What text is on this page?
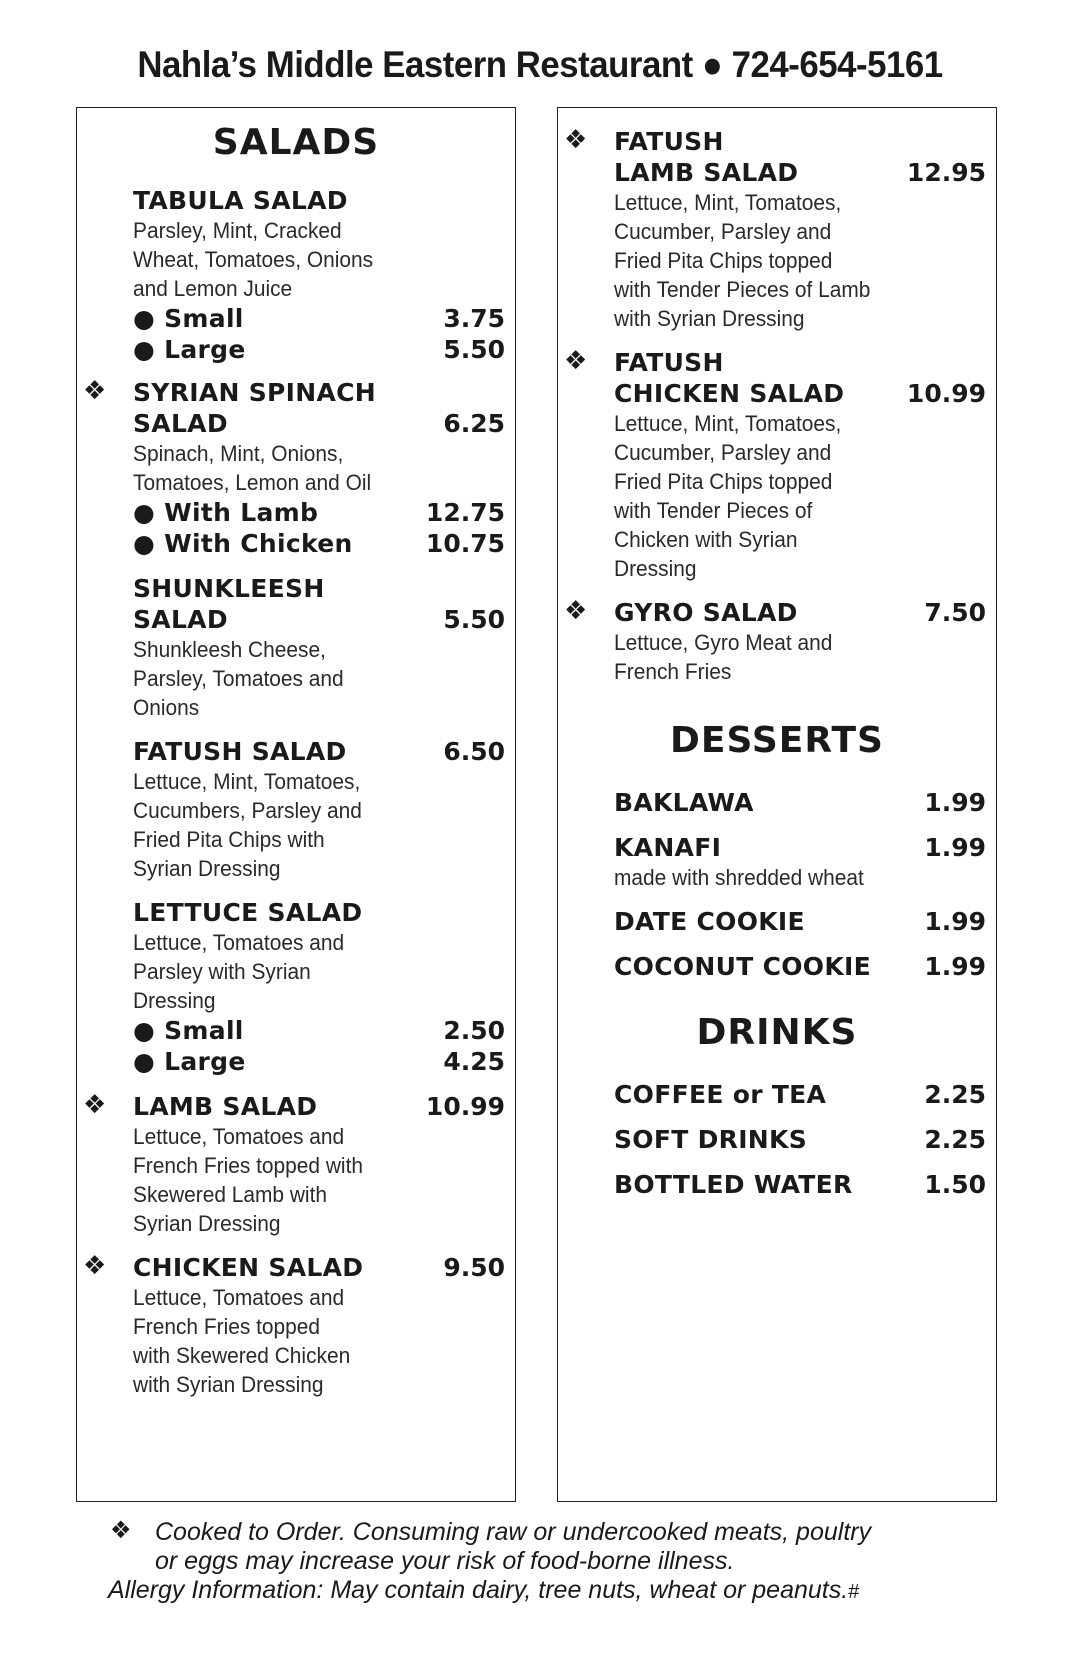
Nahla’s Middle Eastern Restaurant ● 724-654-5161
SALADS
TABULA SALAD
Parsley, Mint, Cracked
Wheat, Tomatoes, Onions
and Lemon Juice
● Small	3.75
● Large	5.50
❖ SYRIAN SPINACH
SALAD	6.25
Spinach, Mint, Onions,
Tomatoes, Lemon and Oil
● With Lamb	12.75
● With Chicken	10.75
SHUNKLEESH
SALAD	5.50
Shunkleesh Cheese,
Parsley, Tomatoes and
Onions
FATUSH SALAD	6.50
Lettuce, Mint, Tomatoes,
Cucumbers, Parsley and
Fried Pita Chips with
Syrian Dressing
LETTUCE SALAD
Lettuce, Tomatoes and
Parsley with Syrian
Dressing
● Small	2.50
● Large	4.25
❖ LAMB SALAD	10.99
Lettuce, Tomatoes and
French Fries topped with
Skewered Lamb with
Syrian Dressing
❖ CHICKEN SALAD	9.50
Lettuce, Tomatoes and
French Fries topped
with Skewered Chicken
with Syrian Dressing
❖ FATUSH
LAMB SALAD	12.95
Lettuce, Mint, Tomatoes,
Cucumber, Parsley and
Fried Pita Chips topped
with Tender Pieces of Lamb
with Syrian Dressing
❖ FATUSH
CHICKEN SALAD	10.99
Lettuce, Mint, Tomatoes,
Cucumber, Parsley and
Fried Pita Chips topped
with Tender Pieces of
Chicken with Syrian
Dressing
❖ GYRO SALAD	7.50
Lettuce, Gyro Meat and
French Fries
DESSERTS
BAKLAWA	1.99
KANAFI	1.99
made with shredded wheat
DATE COOKIE	1.99
COCONUT COOKIE 1.99
DRINKS
COFFEE or TEA	2.25
SOFT DRINKS	2.25
BOTTLED WATER	1.50
❖ Cooked to Order. Consuming raw or undercooked meats, poultry
or eggs may increase your risk of food-borne illness.
Allergy Information: May contain dairy, tree nuts, wheat or peanuts.#
